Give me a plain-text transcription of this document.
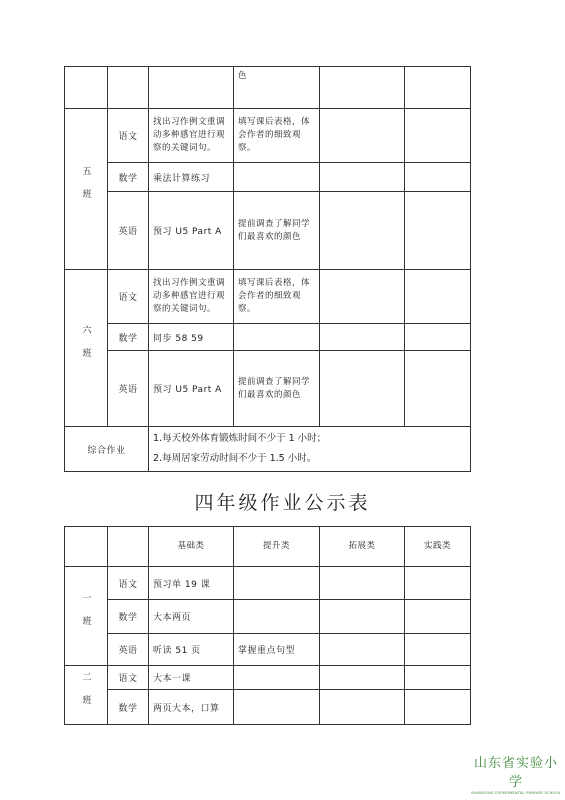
			色		

五班	语文	找出习作例文重调动多种感官进行观察的关键词句。	填写课后表格，体会作者的细致观察。		
	数学	乘法计算练习			
	英语	预习 U5 Part A	提前调查了解同学们最喜欢的颜色		

六班	语文	找出习作例文重调动多种感官进行观察的关键词句。	填写课后表格，体会作者的细致观察。		
	数学	同步 58 59			
	英语	预习 U5 Part A	提前调查了解同学们最喜欢的颜色		
综合作业		1.每天校外体育锻炼时间不少于 1 小时；
2.每周居家劳动时间不少于 1.5 小时。			
四年级作业公示表
		基础类	提升类	拓展类	实践类

一班	语文	预习单 19 课			
	数学	大本两页			
	英语	听读 51 页	掌握重点句型		

二班	语文	大本一课			
	数学	两页大本，口算			
山东省实验小学
SHANDONG EXPERIMENTAL PRIMARY SCHOOL
